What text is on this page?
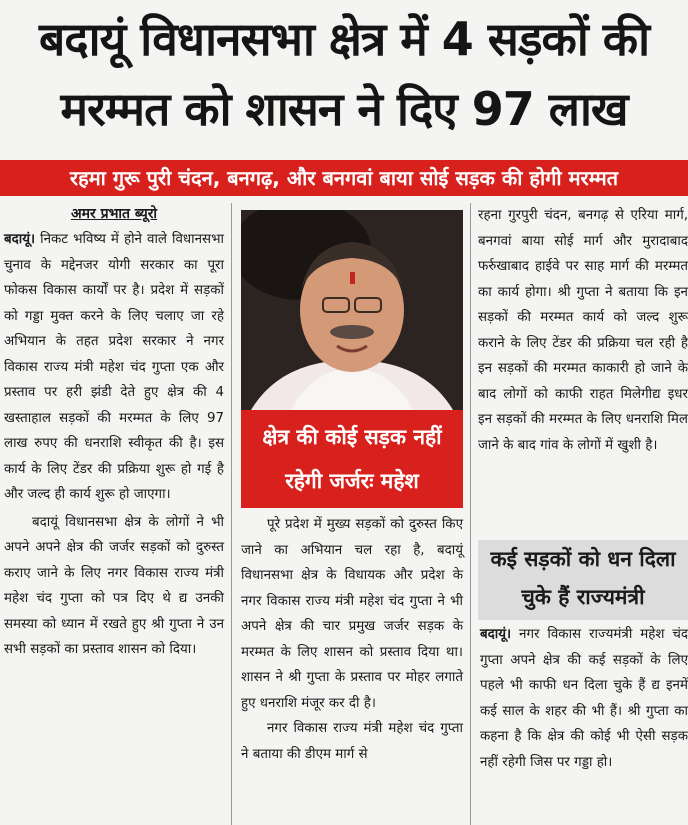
बदायूं विधानसभा क्षेत्र में 4 सड़कों की
मरम्मत को शासन ने दिए 97 लाख
रहमा गुरू पुरी चंदन, बनगढ़, और बनगवां बाया सोई सड़क की होगी मरम्मत
अमर प्रभात ब्यूरो

बदायूं। निकट भविष्य में होने वाले विधानसभा चुनाव के मद्देनजर योगी सरकार का पूरा फोकस विकास कार्यों पर है। प्रदेश में सड़कों को गड्डा मुक्त करने के लिए चलाए जा रहे अभियान के तहत प्रदेश सरकार ने नगर विकास राज्य मंत्री महेश चंद गुप्ता एक और प्रस्ताव पर हरी झंडी देते हुए क्षेत्र की 4 खस्ताहाल सड़कों की मरम्मत के लिए 97 लाख रुपए की धनराशि स्वीकृत की है। इस कार्य के लिए टेंडर की प्रक्रिया शुरू हो गई है और जल्द ही कार्य शुरू हो जाएगा।

बदायूं विधानसभा क्षेत्र के लोगों ने भी अपने अपने क्षेत्र की जर्जर सड़कों को दुरुस्त कराए जाने के लिए नगर विकास राज्य मंत्री महेश चंद गुप्ता को पत्र दिए थे द्य उनकी समस्या को ध्यान में रखते हुए श्री गुप्ता ने उन सभी सड़कों का प्रस्ताव शासन को दिया।

क्षेत्र की कोई सड़क नहीं
रहेगी जर्जरः महेश

पूरे प्रदेश में मुख्य सड़कों को दुरुस्त किए जाने का अभियान चल रहा है, बदायूं विधानसभा क्षेत्र के विधायक और प्रदेश के नगर विकास राज्य मंत्री महेश चंद गुप्ता ने भी अपने क्षेत्र की चार प्रमुख जर्जर सड़क के मरम्मत के लिए शासन को प्रस्ताव दिया था। शासन ने श्री गुप्ता के प्रस्ताव पर मोहर लगाते हुए धनराशि मंजूर कर दी है।

नगर विकास राज्य मंत्री महेश चंद गुप्ता ने बताया की डीएम मार्ग से

रहना गुरपुरी चंदन, बनगढ़ से एरिया मार्ग, बनगवां बाया सोई मार्ग और मुरादाबाद फर्रुखाबाद हाईवे पर साह मार्ग की मरम्मत का कार्य होगा। श्री गुप्ता ने बताया कि इन सड़कों की मरम्मत कार्य को जल्द शुरू कराने के लिए टेंडर की प्रक्रिया चल रही है इन सड़कों की मरम्मत काकारी हो जाने के बाद लोगों को काफी राहत मिलेगीद्य इधर इन सड़कों की मरम्मत के लिए धनराशि मिल जाने के बाद गांव के लोगों में खुशी है।

कई सड़कों को धन दिला
चुके हैं राज्यमंत्री

बदायूं। नगर विकास राज्यमंत्री महेश चंद गुप्ता अपने क्षेत्र की कई सड़कों के लिए पहले भी काफी धन दिला चुके हैं द्य इनमें कई साल के शहर की भी हैं। श्री गुप्ता का कहना है कि क्षेत्र की कोई भी ऐसी सड़क नहीं रहेगी जिस पर गड्डा हो।
